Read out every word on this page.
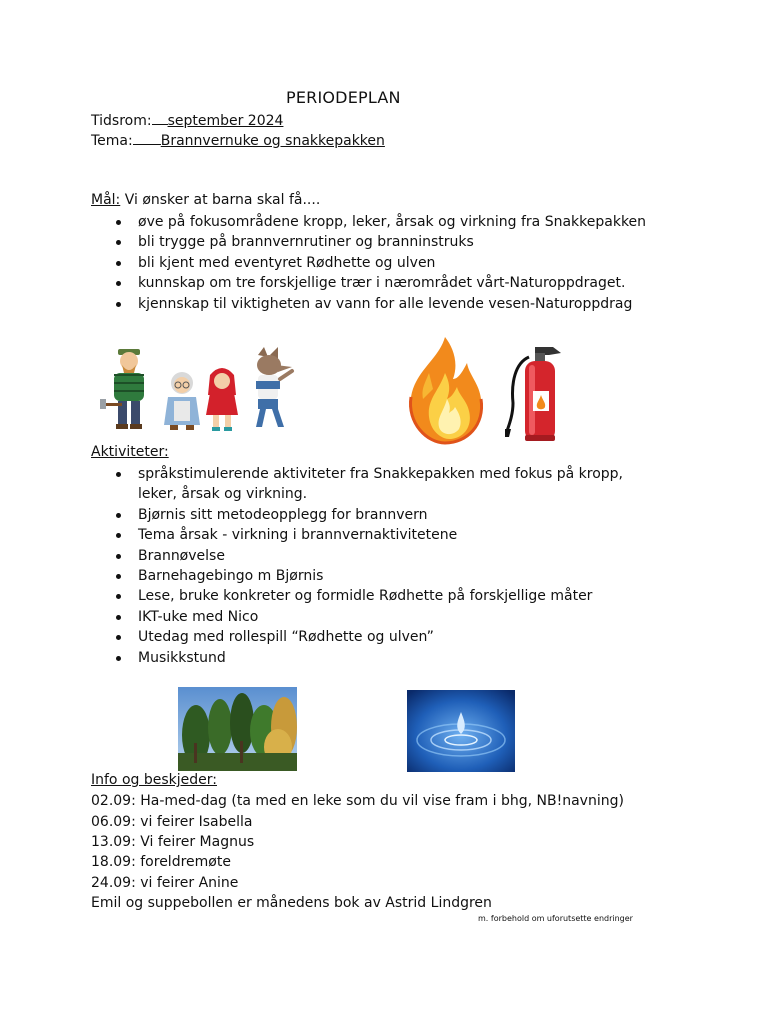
PERIODEPLAN
Tidsrom: september 2024
Tema: Brannvernuke og snakkepakken
Mål: Vi ønsker at barna skal få....
øve på fokusområdene kropp, leker, årsak og virkning fra Snakkepakken
bli trygge på brannvernrutiner og branninstruks
bli kjent med eventyret Rødhette og ulven
kunnskap om tre forskjellige trær i nærområdet vårt-Naturoppdraget.
kjennskap til viktigheten av vann for alle levende vesen-Naturoppdrag
Aktiviteter:
språkstimulerende aktiviteter fra Snakkepakken med fokus på kropp,
leker, årsak og virkning.
Bjørnis sitt metodeopplegg for brannvern
Tema årsak - virkning i brannvernaktivitetene
Brannøvelse
Barnehagebingo m Bjørnis
Lese, bruke konkreter og formidle Rødhette på forskjellige måter
IKT-uke med Nico
Utedag med rollespill “Rødhette og ulven”
Musikkstund
Info og beskjeder:
02.09: Ha-med-dag (ta med en leke som du vil vise fram i bhg, NB!navning)
06.09: vi feirer Isabella
13.09: Vi feirer Magnus
18.09: foreldremøte
24.09: vi feirer Anine
Emil og suppebollen er månedens bok av Astrid Lindgren
m. forbehold om uforutsette endringer
